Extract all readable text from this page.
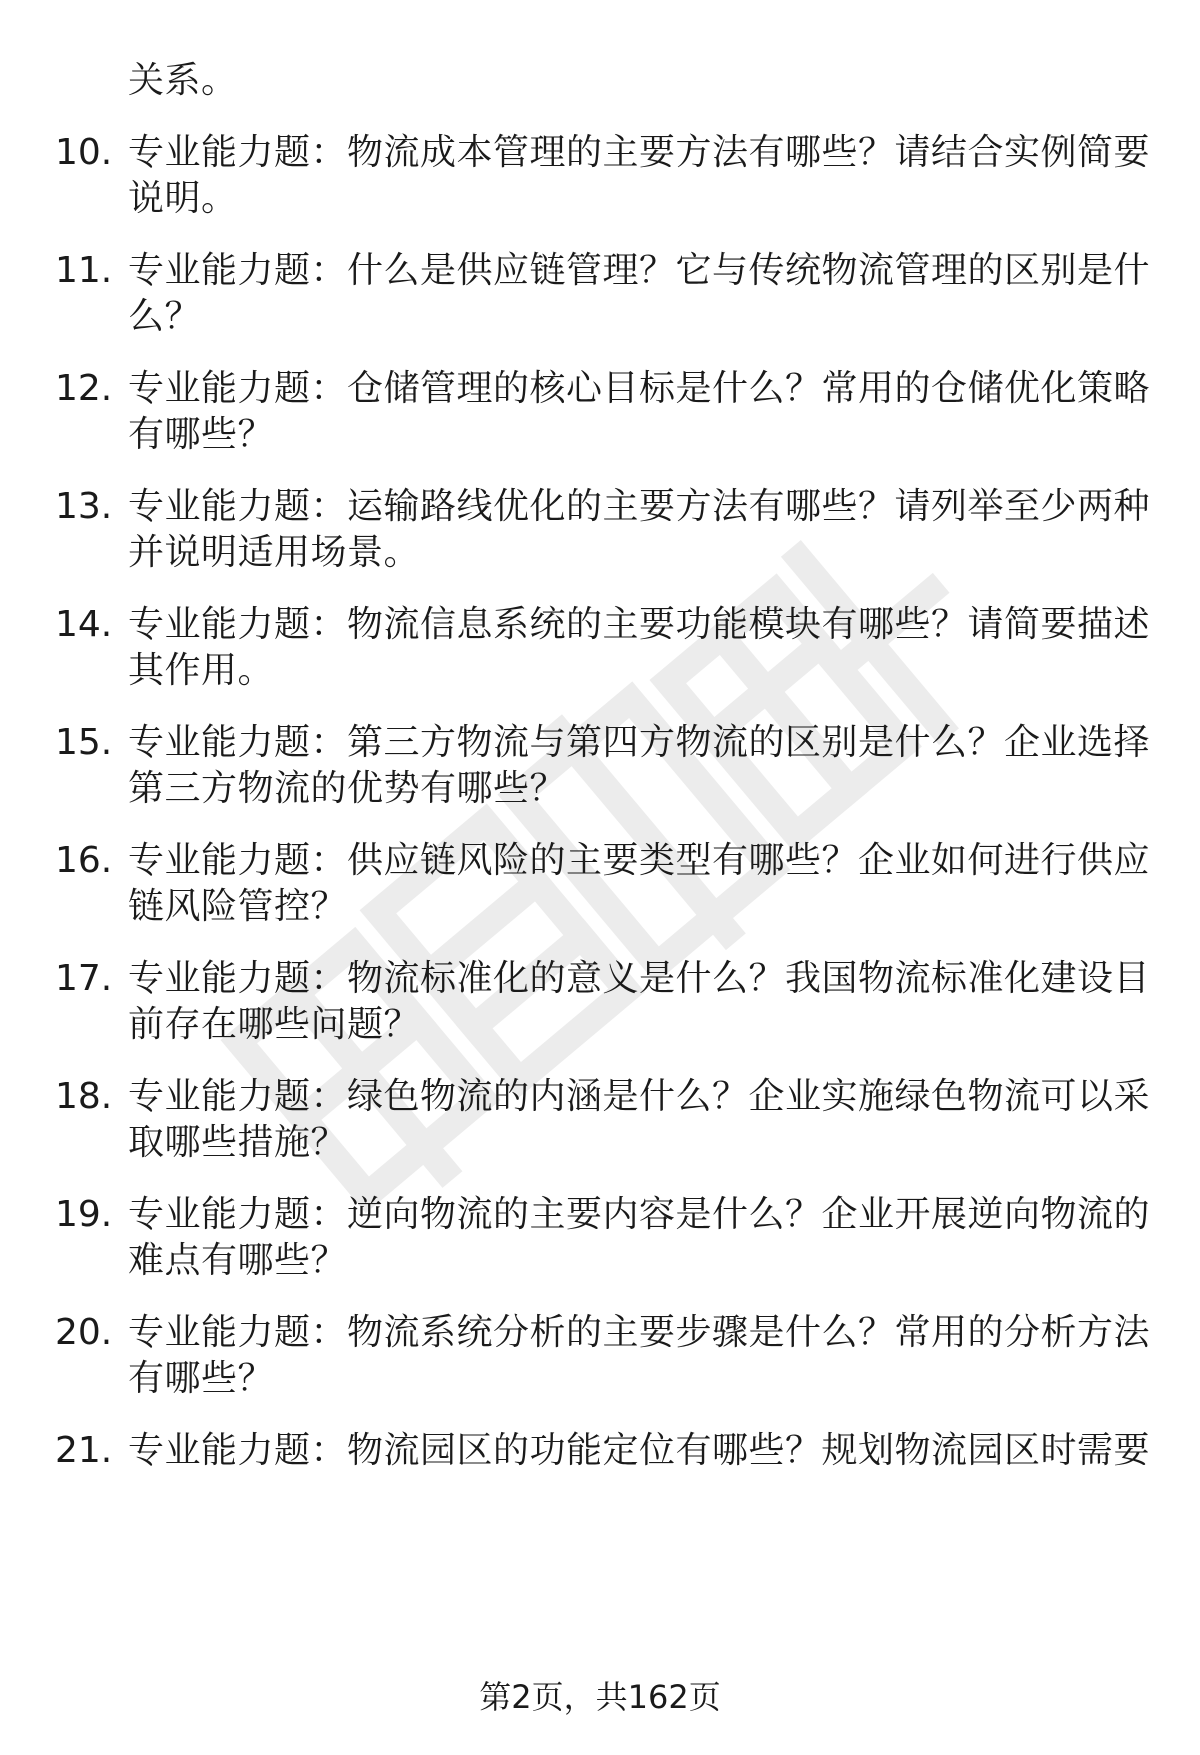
关系。
10. 专业能力题：物流成本管理的主要方法有哪些？请结合实例简要
说明。
11. 专业能力题：什么是供应链管理？它与传统物流管理的区别是什
么？
12. 专业能力题：仓储管理的核心目标是什么？常用的仓储优化策略
有哪些？
13. 专业能力题：运输路线优化的主要方法有哪些？请列举至少两种
并说明适用场景。
14. 专业能力题：物流信息系统的主要功能模块有哪些？请简要描述
其作用。
15. 专业能力题：第三方物流与第四方物流的区别是什么？企业选择
第三方物流的优势有哪些？
16. 专业能力题：供应链风险的主要类型有哪些？企业如何进行供应
链风险管控？
17. 专业能力题：物流标准化的意义是什么？我国物流标准化建设目
前存在哪些问题？
18. 专业能力题：绿色物流的内涵是什么？企业实施绿色物流可以采
取哪些措施？
19. 专业能力题：逆向物流的主要内容是什么？企业开展逆向物流的
难点有哪些？
20. 专业能力题：物流系统分析的主要步骤是什么？常用的分析方法
有哪些？
21. 专业能力题：物流园区的功能定位有哪些？规划物流园区时需要
第2页，共162页
